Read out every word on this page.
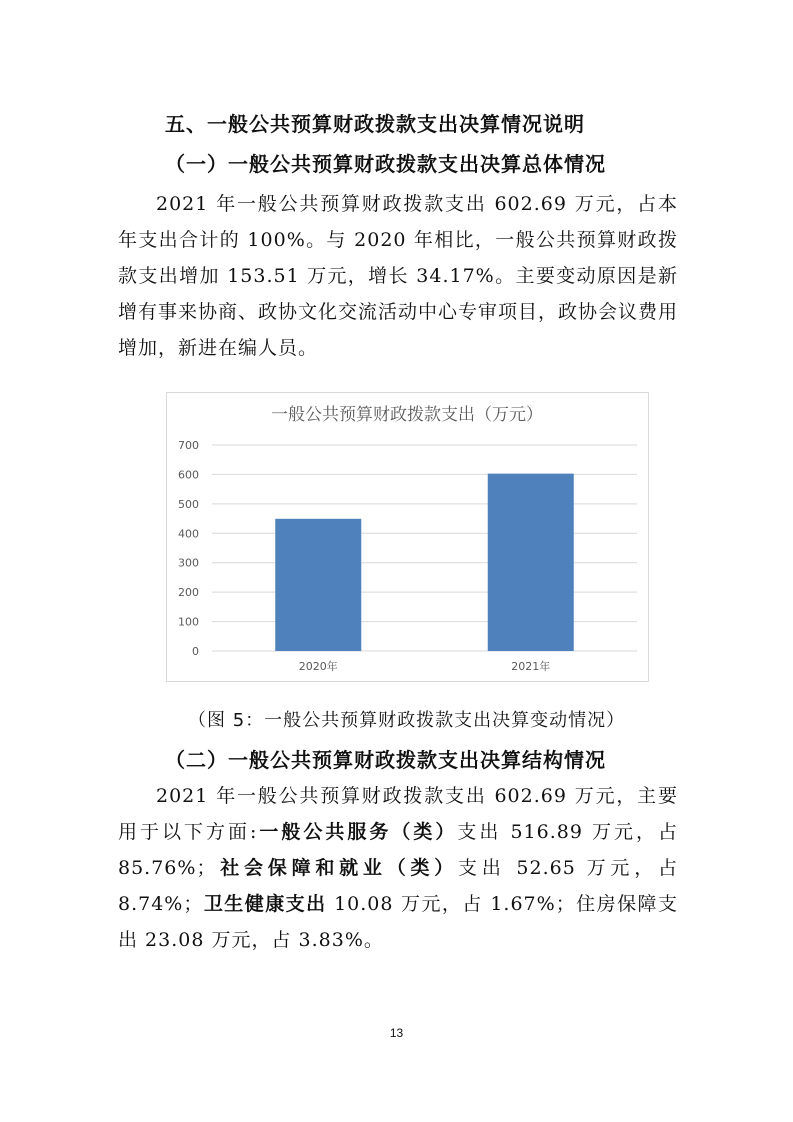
五、一般公共预算财政拨款支出决算情况说明
（一）一般公共预算财政拨款支出决算总体情况
2021 年一般公共预算财政拨款支出 602.69 万元，占本年支出合计的 100%。与 2020 年相比，一般公共预算财政拨款支出增加 153.51 万元，增长 34.17%。主要变动原因是新增有事来协商、政协文化交流活动中心专审项目，政协会议费用增加，新进在编人员。
一般公共预算财政拨款支出（万元）
0
100
200
300
400
500
600
700
2020年	2021年
（图 5：一般公共预算财政拨款支出决算变动情况）
（二）一般公共预算财政拨款支出决算结构情况
2021 年一般公共预算财政拨款支出 602.69 万元，主要用于以下方面:一般公共服务（类）支出 516.89 万元，占 85.76%；社会保障和就业（类）支出 52.65 万元，占 8.74%；卫生健康支出 10.08 万元，占 1.67%；住房保障支出 23.08 万元，占 3.83%。
13
